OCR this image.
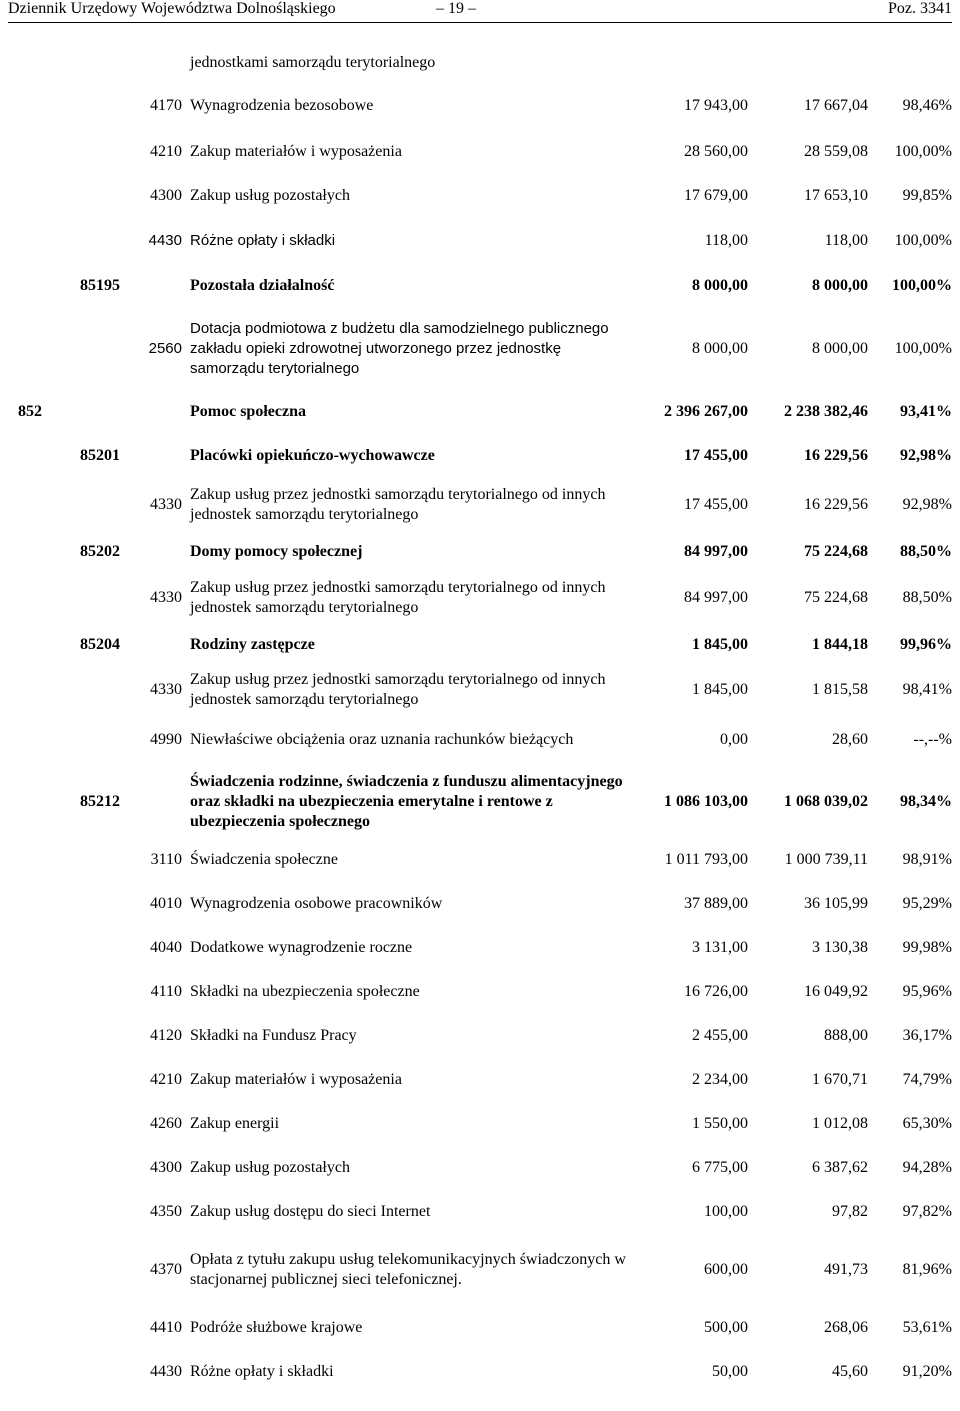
Dziennik Urzędowy Województwa Dolnośląskiego	– 19 –	Poz. 3341
			jednostkami samorządu terytorialnego			
		4170	Wynagrodzenia bezosobowe	17 943,00	17 667,04	98,46%
		4210	Zakup materiałów i wyposażenia	28 560,00	28 559,08	100,00%
		4300	Zakup usług pozostałych	17 679,00	17 653,10	99,85%
		4430	Różne opłaty i składki	118,00	118,00	100,00%
	85195		Pozostała działalność	8 000,00	8 000,00	100,00%
		2560	Dotacja podmiotowa z budżetu dla samodzielnego publicznego zakładu opieki zdrowotnej utworzonego przez jednostkę samorządu terytorialnego	8 000,00	8 000,00	100,00%
852			Pomoc społeczna	2 396 267,00	2 238 382,46	93,41%
	85201		Placówki opiekuńczo-wychowawcze	17 455,00	16 229,56	92,98%
		4330	Zakup usług przez jednostki samorządu terytorialnego od innych jednostek samorządu terytorialnego	17 455,00	16 229,56	92,98%
	85202		Domy pomocy społecznej	84 997,00	75 224,68	88,50%
		4330	Zakup usług przez jednostki samorządu terytorialnego od innych jednostek samorządu terytorialnego	84 997,00	75 224,68	88,50%
	85204		Rodziny zastępcze	1 845,00	1 844,18	99,96%
		4330	Zakup usług przez jednostki samorządu terytorialnego od innych jednostek samorządu terytorialnego	1 845,00	1 815,58	98,41%
		4990	Niewłaściwe obciążenia oraz uznania rachunków bieżących	0,00	28,60	--,--%
	85212		Świadczenia rodzinne, świadczenia z funduszu alimentacyjnego oraz składki na ubezpieczenia emerytalne i rentowe z ubezpieczenia społecznego	1 086 103,00	1 068 039,02	98,34%
		3110	Świadczenia społeczne	1 011 793,00	1 000 739,11	98,91%
		4010	Wynagrodzenia osobowe pracowników	37 889,00	36 105,99	95,29%
		4040	Dodatkowe wynagrodzenie roczne	3 131,00	3 130,38	99,98%
		4110	Składki na ubezpieczenia społeczne	16 726,00	16 049,92	95,96%
		4120	Składki na Fundusz Pracy	2 455,00	888,00	36,17%
		4210	Zakup materiałów i wyposażenia	2 234,00	1 670,71	74,79%
		4260	Zakup energii	1 550,00	1 012,08	65,30%
		4300	Zakup usług pozostałych	6 775,00	6 387,62	94,28%
		4350	Zakup usług dostępu do sieci Internet	100,00	97,82	97,82%
		4370	Opłata z tytułu zakupu usług telekomunikacyjnych świadczonych w stacjonarnej publicznej sieci telefonicznej.	600,00	491,73	81,96%
		4410	Podróże służbowe krajowe	500,00	268,06	53,61%
		4430	Różne opłaty i składki	50,00	45,60	91,20%
